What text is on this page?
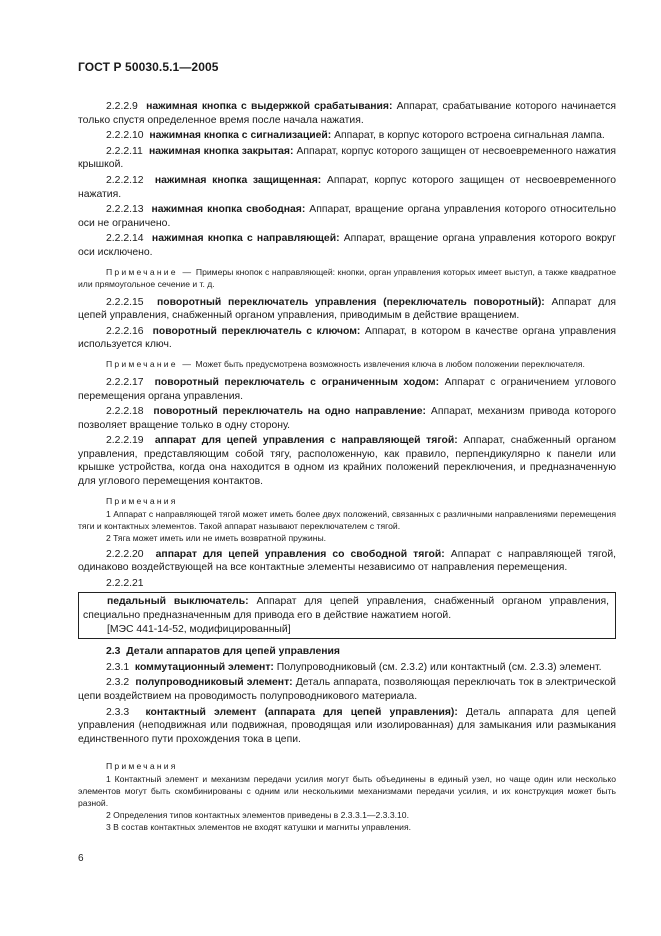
ГОСТ Р 50030.5.1—2005
2.2.2.9 нажимная кнопка с выдержкой срабатывания: Аппарат, срабатывание которого начинается только спустя определенное время после начала нажатия.
2.2.2.10 нажимная кнопка с сигнализацией: Аппарат, в корпус которого встроена сигнальная лампа.
2.2.2.11 нажимная кнопка закрытая: Аппарат, корпус которого защищен от несвоевременного нажатия крышкой.
2.2.2.12 нажимная кнопка защищенная: Аппарат, корпус которого защищен от несвоевременного нажатия.
2.2.2.13 нажимная кнопка свободная: Аппарат, вращение органа управления которого относительно оси не ограничено.
2.2.2.14 нажимная кнопка с направляющей: Аппарат, вращение органа управления которого вокруг оси исключено.
Примечание — Примеры кнопок с направляющей: кнопки, орган управления которых имеет выступ, а также квадратное или прямоугольное сечение и т. д.
2.2.2.15 поворотный переключатель управления (переключатель поворотный): Аппарат для цепей управления, снабженный органом управления, приводимым в действие вращением.
2.2.2.16 поворотный переключатель с ключом: Аппарат, в котором в качестве органа управления используется ключ.
Примечание — Может быть предусмотрена возможность извлечения ключа в любом положении переключателя.
2.2.2.17 поворотный переключатель с ограниченным ходом: Аппарат с ограничением углового перемещения органа управления.
2.2.2.18 поворотный переключатель на одно направление: Аппарат, механизм привода которого позволяет вращение только в одну сторону.
2.2.2.19 аппарат для цепей управления с направляющей тягой: Аппарат, снабженный органом управления, представляющим собой тягу, расположенную, как правило, перпендикулярно к панели или крышке устройства, когда она находится в одном из крайних положений переключения, и предназначенную для углового перемещения контактов.
Примечания
1 Аппарат с направляющей тягой может иметь более двух положений, связанных с различными направлениями перемещения тяги и контактных элементов. Такой аппарат называют переключателем с тягой.
2 Тяга может иметь или не иметь возвратной пружины.
2.2.2.20 аппарат для цепей управления со свободной тягой: Аппарат с направляющей тягой, одинаково воздействующей на все контактные элементы независимо от направления перемещения.
2.2.2.21
педальный выключатель: Аппарат для цепей управления, снабженный органом управления, специально предназначенным для привода его в действие нажатием ногой.
[МЭС 441-14-52, модифицированный]
2.3 Детали аппаратов для цепей управления
2.3.1 коммутационный элемент: Полупроводниковый (см. 2.3.2) или контактный (см. 2.3.3) элемент.
2.3.2 полупроводниковый элемент: Деталь аппарата, позволяющая переключать ток в электрической цепи воздействием на проводимость полупроводникового материала.
2.3.3 контактный элемент (аппарата для цепей управления): Деталь аппарата для цепей управления (неподвижная или подвижная, проводящая или изолированная) для замыкания или размыкания единственного пути прохождения тока в цепи.
Примечания
1 Контактный элемент и механизм передачи усилия могут быть объединены в единый узел, но чаще один или несколько элементов могут быть скомбинированы с одним или несколькими механизмами передачи усилия, и их конструкция может быть разной.
2 Определения типов контактных элементов приведены в 2.3.3.1—2.3.3.10.
3 В состав контактных элементов не входят катушки и магниты управления.
6
